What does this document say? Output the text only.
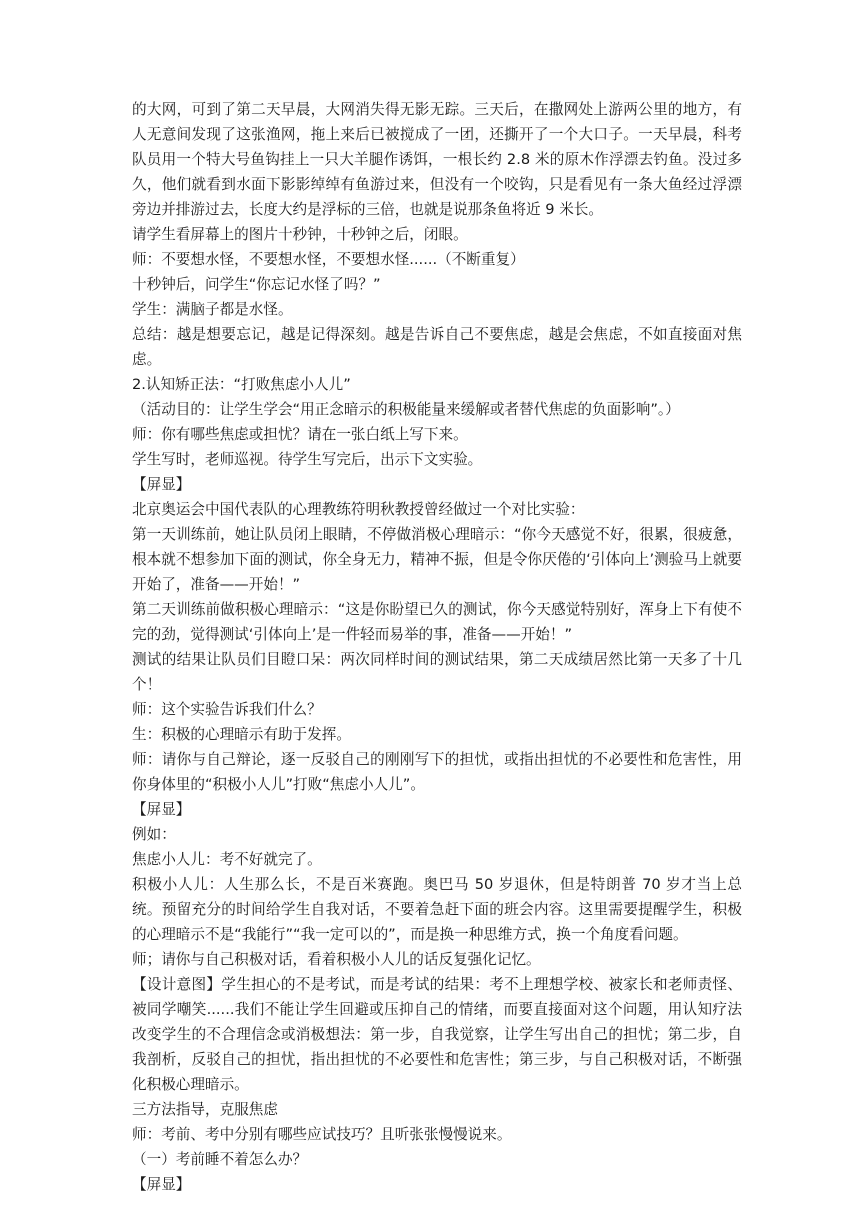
的大网，可到了第二天早晨，大网消失得无影无踪。三天后，在撒网处上游两公里的地方，有人无意间发现了这张渔网，拖上来后已被搅成了一团，还撕开了一个大口子。一天早晨，科考队员用一个特大号鱼钩挂上一只大羊腿作诱饵，一根长约 2.8 米的原木作浮漂去钓鱼。没过多久，他们就看到水面下影影绰绰有鱼游过来，但没有一个咬钩，只是看见有一条大鱼经过浮漂旁边并排游过去，长度大约是浮标的三倍，也就是说那条鱼将近 9 米长。

请学生看屏幕上的图片十秒钟，十秒钟之后，闭眼。

师：不要想水怪，不要想水怪，不要想水怪......（不断重复）

十秒钟后，问学生“你忘记水怪了吗？”

学生：满脑子都是水怪。

总结：越是想要忘记，越是记得深刻。越是告诉自己不要焦虑，越是会焦虑，不如直接面对焦虑。

2.认知矫正法：“打败焦虑小人儿”

（活动目的：让学生学会“用正念暗示的积极能量来缓解或者替代焦虑的负面影响”。）

师：你有哪些焦虑或担忧？请在一张白纸上写下来。

学生写时，老师巡视。待学生写完后，出示下文实验。

【屏显】

北京奥运会中国代表队的心理教练符明秋教授曾经做过一个对比实验：

第一天训练前，她让队员闭上眼睛，不停做消极心理暗示：“你今天感觉不好，很累，很疲惫，根本就不想参加下面的测试，你全身无力，精神不振，但是令你厌倦的‘引体向上’测验马上就要开始了，准备——开始！”

第二天训练前做积极心理暗示：“这是你盼望已久的测试，你今天感觉特别好，浑身上下有使不完的劲，觉得测试‘引体向上’是一件轻而易举的事，准备——开始！”

测试的结果让队员们目瞪口呆：两次同样时间的测试结果，第二天成绩居然比第一天多了十几个！

师：这个实验告诉我们什么？

生：积极的心理暗示有助于发挥。

师：请你与自己辩论，逐一反驳自己的刚刚写下的担忧，或指出担忧的不必要性和危害性，用你身体里的“积极小人儿”打败“焦虑小人儿”。

【屏显】

例如：

焦虑小人儿：考不好就完了。

积极小人儿：人生那么长，不是百米赛跑。奥巴马 50 岁退休，但是特朗普 70 岁才当上总统。预留充分的时间给学生自我对话，不要着急赶下面的班会内容。这里需要提醒学生，积极的心理暗示不是“我能行”“我一定可以的”，而是换一种思维方式，换一个角度看问题。

师；请你与自己积极对话，看着积极小人儿的话反复强化记忆。

【设计意图】学生担心的不是考试，而是考试的结果：考不上理想学校、被家长和老师责怪、被同学嘲笑......我们不能让学生回避或压抑自己的情绪，而要直接面对这个问题，用认知疗法改变学生的不合理信念或消极想法：第一步，自我觉察，让学生写出自己的担忧；第二步，自我剖析，反驳自己的担忧，指出担忧的不必要性和危害性；第三步，与自己积极对话，不断强化积极心理暗示。

三方法指导，克服焦虑

师：考前、考中分别有哪些应试技巧？且听张张慢慢说来。

（一）考前睡不着怎么办？

【屏显】
